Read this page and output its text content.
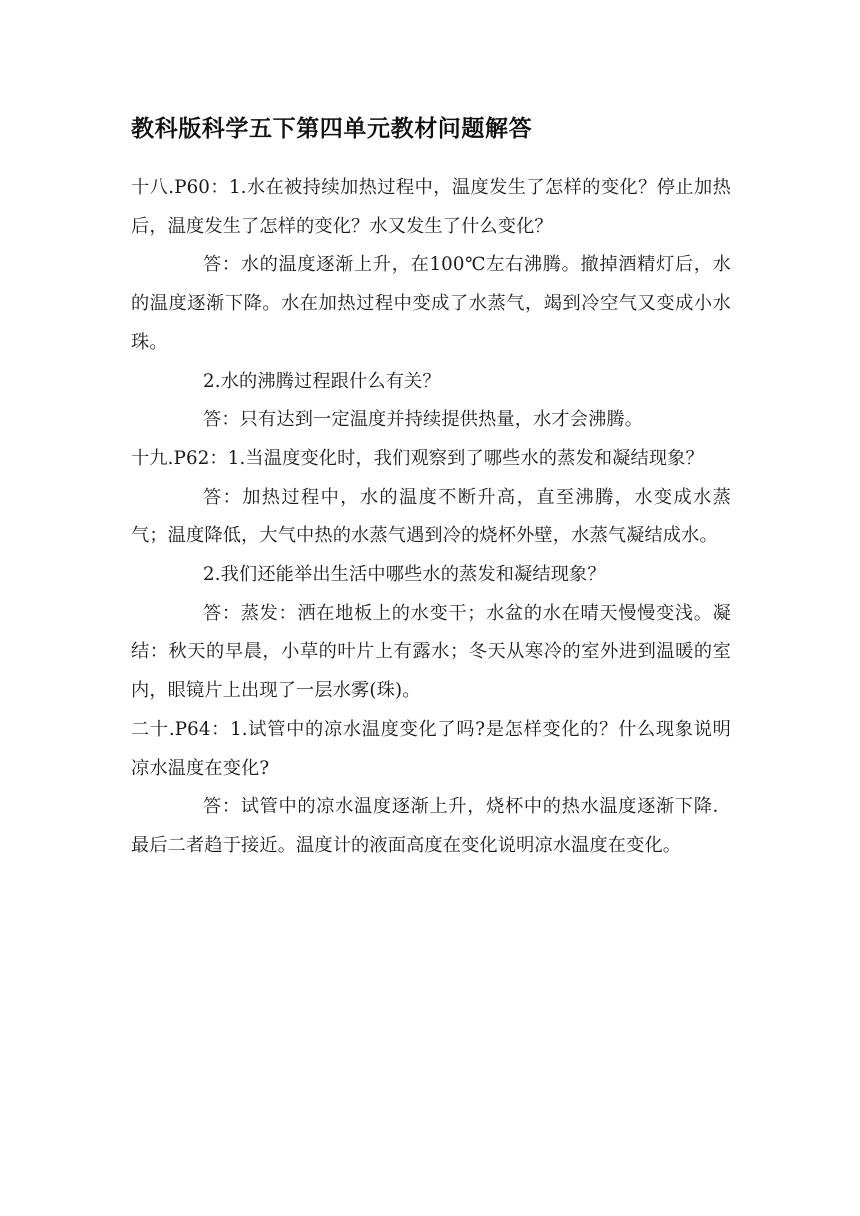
教科版科学五下第四单元教材问题解答

十八.P60：1.水在被持续加热过程中，温度发生了怎样的变化？停止加热后，温度发生了怎样的变化？水又发生了什么变化？

答：水的温度逐渐上升，在100℃左右沸腾。撤掉酒精灯后，水的温度逐渐下降。水在加热过程中变成了水蒸气，竭到冷空气又变成小水珠。

2.水的沸腾过程跟什么有关？

答：只有达到一定温度并持续提供热量，水才会沸腾。

十九.P62：1.当温度变化时，我们观察到了哪些水的蒸发和凝结现象？

答：加热过程中，水的温度不断升高，直至沸腾，水变成水蒸气；温度降低，大气中热的水蒸气遇到冷的烧杯外壁，水蒸气凝结成水。

2.我们还能举出生活中哪些水的蒸发和凝结现象？

答：蒸发：洒在地板上的水变干；水盆的水在晴天慢慢变浅。凝结：秋天的早晨，小草的叶片上有露水；冬天从寒冷的室外进到温暖的室内，眼镜片上出现了一层水雾(珠)。

二十.P64：1.试管中的凉水温度变化了吗?是怎样变化的？什么现象说明凉水温度在变化?

答：试管中的凉水温度逐渐上升，烧杯中的热水温度逐渐下降．最后二者趋于接近。温度计的液面高度在变化说明凉水温度在变化。
